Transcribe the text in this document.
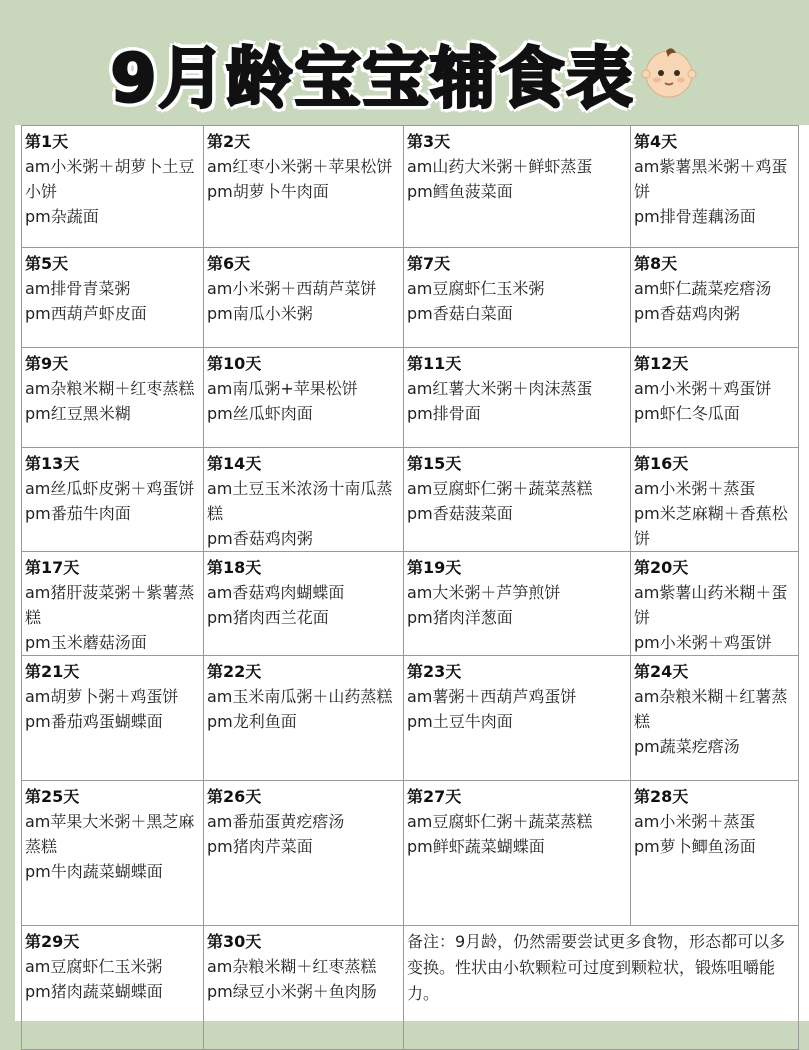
9月龄宝宝辅食表
第1天
am小米粥＋胡萝卜土豆小饼
pm杂蔬面	第2天
am红枣小米粥＋苹果松饼
pm胡萝卜牛肉面	第3天
am山药大米粥＋鲜虾蒸蛋
pm鳕鱼菠菜面	第4天
am紫薯黑米粥＋鸡蛋饼
pm排骨莲藕汤面

第5天
am排骨青菜粥
pm西葫芦虾皮面	第6天
am小米粥＋西葫芦菜饼
pm南瓜小米粥	第7天
am豆腐虾仁玉米粥
pm香菇白菜面	第8天
am虾仁蔬菜疙瘩汤
pm香菇鸡肉粥

第9天
am杂粮米糊＋红枣蒸糕
pm红豆黑米糊	第10天
am南瓜粥+苹果松饼
pm丝瓜虾肉面	第11天
am红薯大米粥＋肉沫蒸蛋
pm排骨面	第12天
am小米粥＋鸡蛋饼
pm虾仁冬瓜面

第13天
am丝瓜虾皮粥＋鸡蛋饼
pm番茄牛肉面	第14天
am土豆玉米浓汤十南瓜蒸糕
pm香菇鸡肉粥	第15天
am豆腐虾仁粥＋蔬菜蒸糕
pm香菇菠菜面	第16天
am小米粥＋蒸蛋
pm米芝麻糊＋香蕉松饼

第17天
am猪肝菠菜粥＋紫薯蒸糕
pm玉米蘑菇汤面	第18天
am香菇鸡肉蝴蝶面
pm猪肉西兰花面	第19天
am大米粥＋芦笋煎饼
pm猪肉洋葱面	第20天
am紫薯山药米糊＋蛋饼
pm小米粥＋鸡蛋饼

第21天
am胡萝卜粥＋鸡蛋饼
pm番茄鸡蛋蝴蝶面	第22天
am玉米南瓜粥＋山药蒸糕
pm龙利鱼面	第23天
am薯粥＋西葫芦鸡蛋饼
pm土豆牛肉面	第24天
am杂粮米糊＋红薯蒸糕
pm蔬菜疙瘩汤

第25天
am苹果大米粥＋黑芝麻蒸糕
pm牛肉蔬菜蝴蝶面	第26天
am番茄蛋黄疙瘩汤
pm猪肉芹菜面	第27天
am豆腐虾仁粥＋蔬菜蒸糕
pm鲜虾蔬菜蝴蝶面	第28天
am小米粥＋蒸蛋
pm萝卜鲫鱼汤面

第29天
am豆腐虾仁玉米粥
pm猪肉蔬菜蝴蝶面	第30天
am杂粮米糊＋红枣蒸糕
pm绿豆小米粥＋鱼肉肠	备注：9月龄，仍然需要尝试更多食物，形态都可以多变换。性状由小软颗粒可过度到颗粒状，锻炼咀嚼能力。	
